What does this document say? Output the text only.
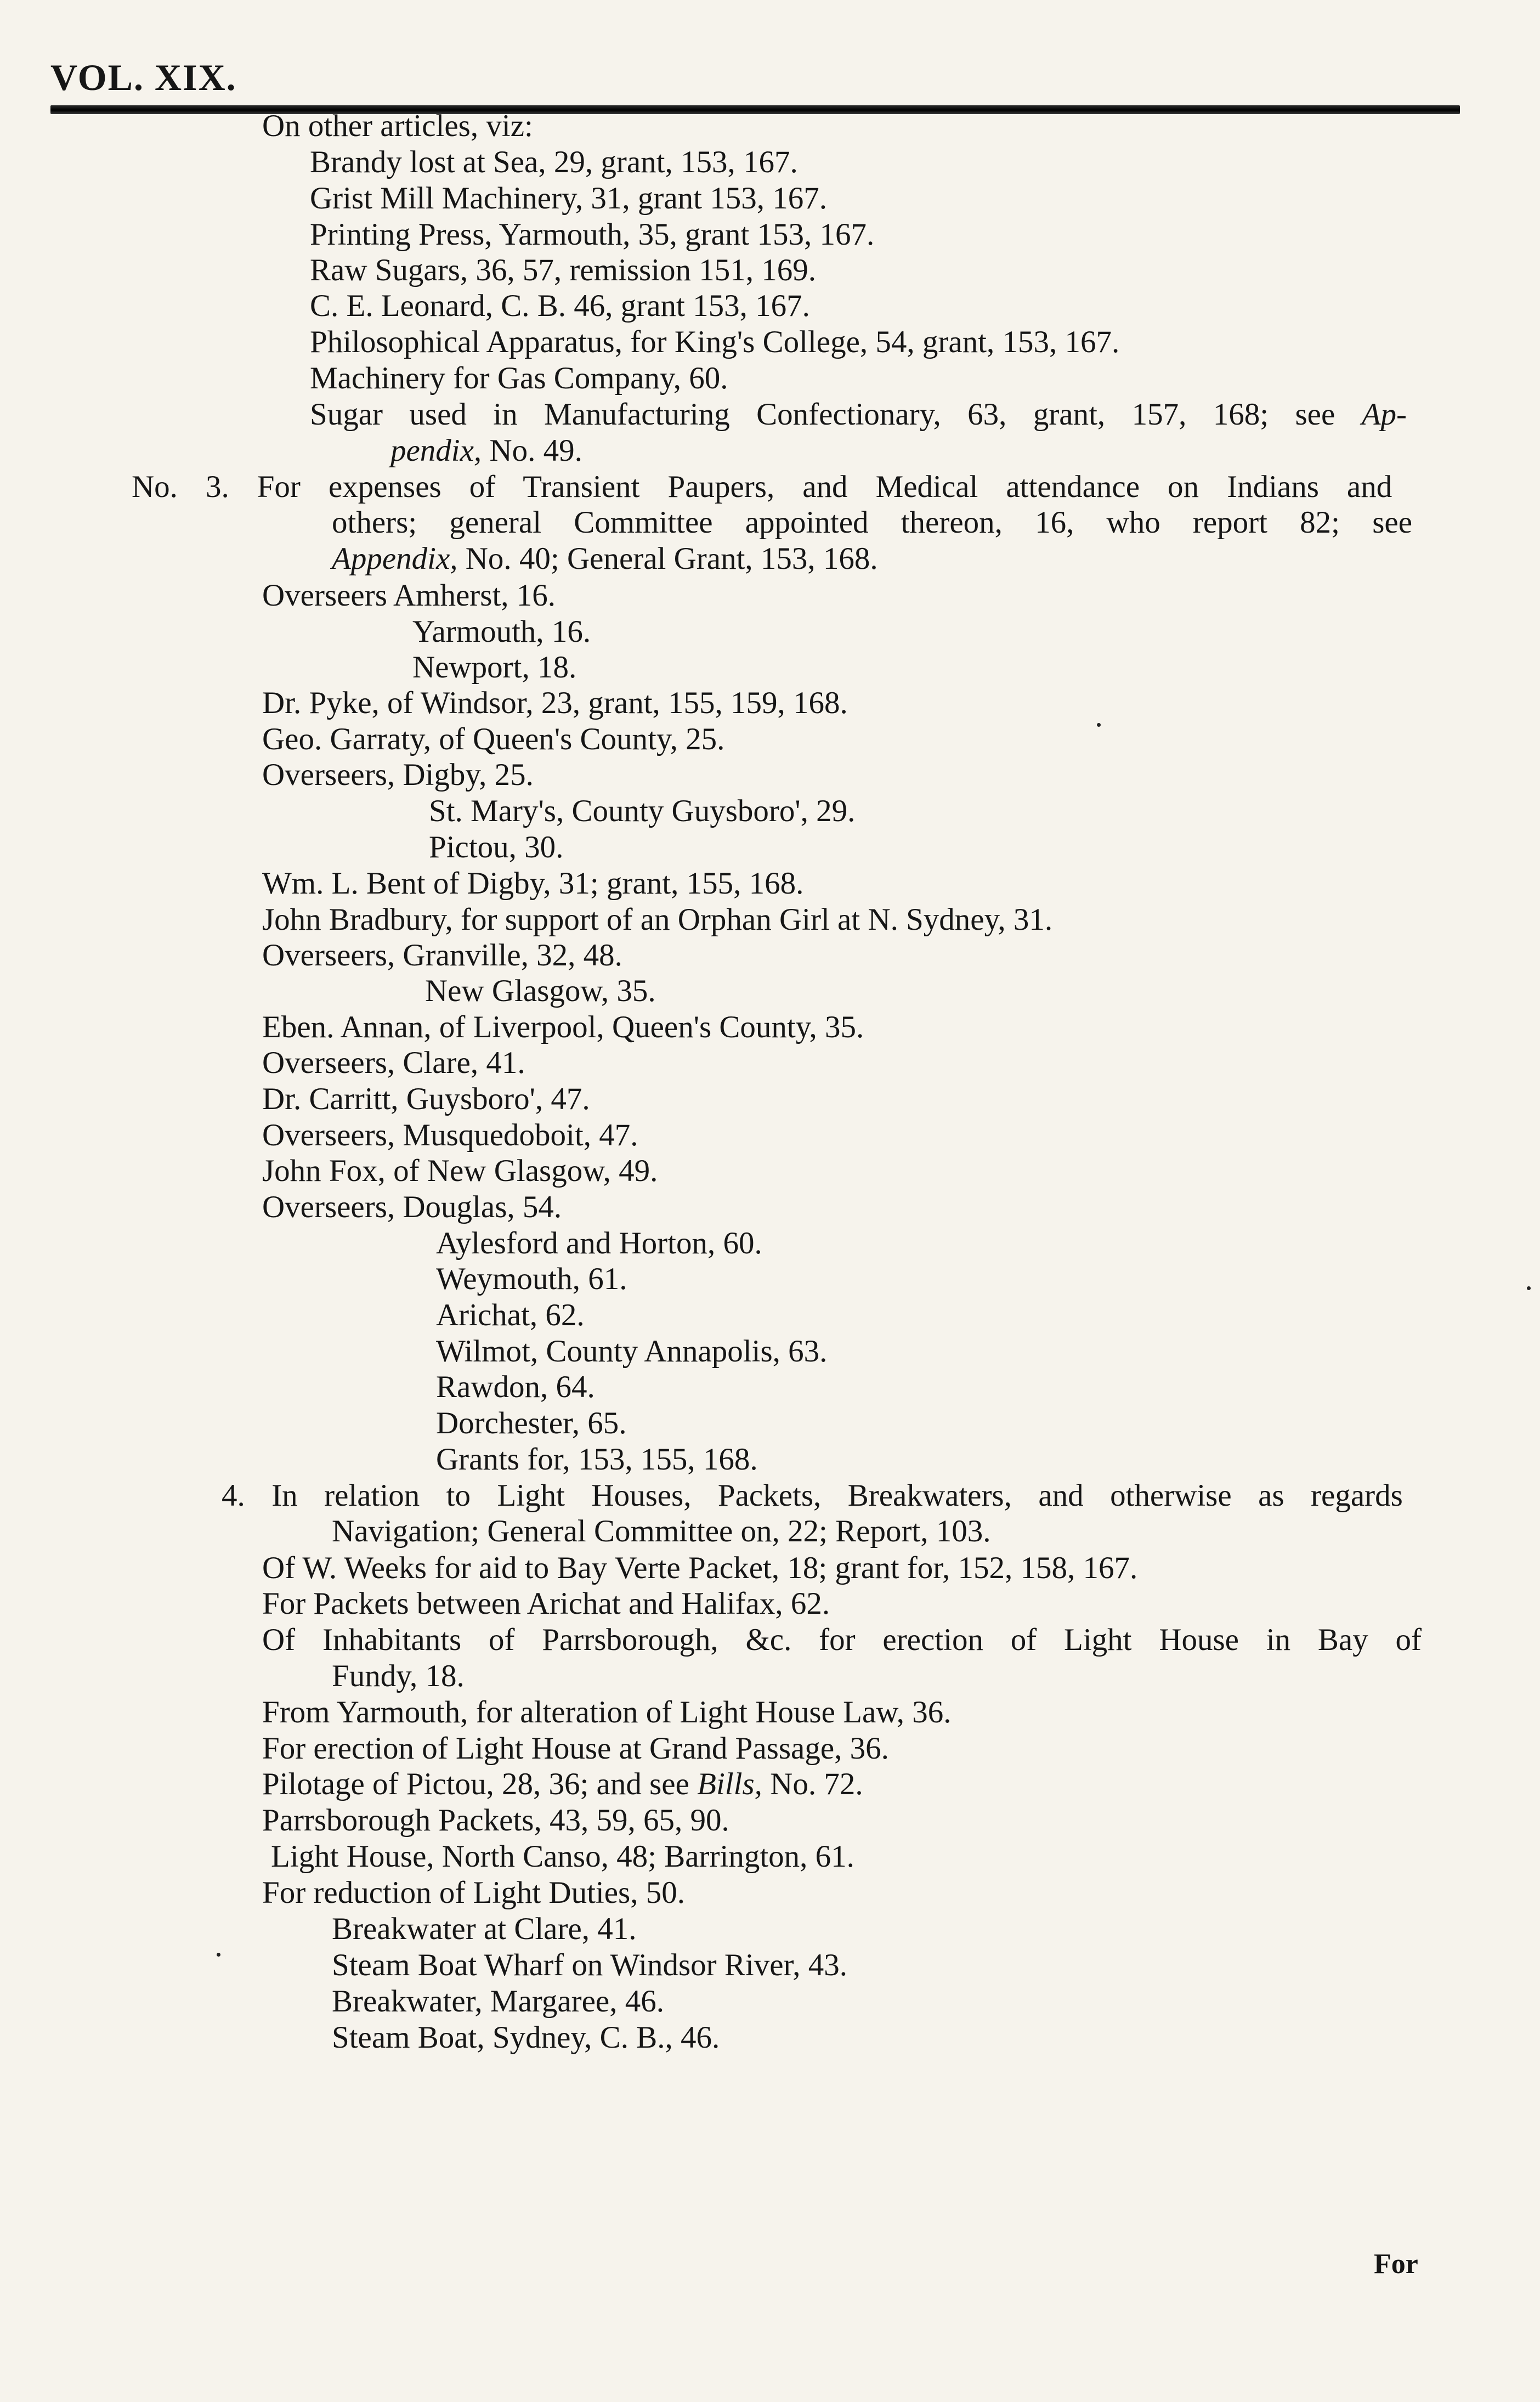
VOL. XIX.
On other articles, viz:
Brandy lost at Sea, 29, grant, 153, 167.
Grist Mill Machinery, 31, grant 153, 167.
Printing Press, Yarmouth, 35, grant 153, 167.
Raw Sugars, 36, 57, remission 151, 169.
C. E. Leonard, C. B. 46, grant 153, 167.
Philosophical Apparatus, for King's College, 54, grant, 153, 167.
Machinery for Gas Company, 60.
Sugar used in Manufacturing Confectionary, 63, grant, 157, 168; see Ap-
pendix, No. 49.
No. 3. For expenses of Transient Paupers, and Medical attendance on Indians and
others; general Committee appointed thereon, 16, who report 82; see
Appendix, No. 40; General Grant, 153, 168.
Overseers Amherst, 16.
Yarmouth, 16.
Newport, 18.
Dr. Pyke, of Windsor, 23, grant, 155, 159, 168.
Geo. Garraty, of Queen's County, 25.
Overseers, Digby, 25.
St. Mary's, County Guysboro', 29.
Pictou, 30.
Wm. L. Bent of Digby, 31; grant, 155, 168.
John Bradbury, for support of an Orphan Girl at N. Sydney, 31.
Overseers, Granville, 32, 48.
New Glasgow, 35.
Eben. Annan, of Liverpool, Queen's County, 35.
Overseers, Clare, 41.
Dr. Carritt, Guysboro', 47.
Overseers, Musquedoboit, 47.
John Fox, of New Glasgow, 49.
Overseers, Douglas, 54.
Aylesford and Horton, 60.
Weymouth, 61.
Arichat, 62.
Wilmot, County Annapolis, 63.
Rawdon, 64.
Dorchester, 65.
Grants for, 153, 155, 168.
4. In relation to Light Houses, Packets, Breakwaters, and otherwise as regards
Navigation; General Committee on, 22; Report, 103.
Of W. Weeks for aid to Bay Verte Packet, 18; grant for, 152, 158, 167.
For Packets between Arichat and Halifax, 62.
Of Inhabitants of Parrsborough, &c. for erection of Light House in Bay of
Fundy, 18.
From Yarmouth, for alteration of Light House Law, 36.
For erection of Light House at Grand Passage, 36.
Pilotage of Pictou, 28, 36; and see Bills, No. 72.
Parrsborough Packets, 43, 59, 65, 90.
Light House, North Canso, 48; Barrington, 61.
For reduction of Light Duties, 50.
Breakwater at Clare, 41.
Steam Boat Wharf on Windsor River, 43.
Breakwater, Margaree, 46.
Steam Boat, Sydney, C. B., 46.
For
